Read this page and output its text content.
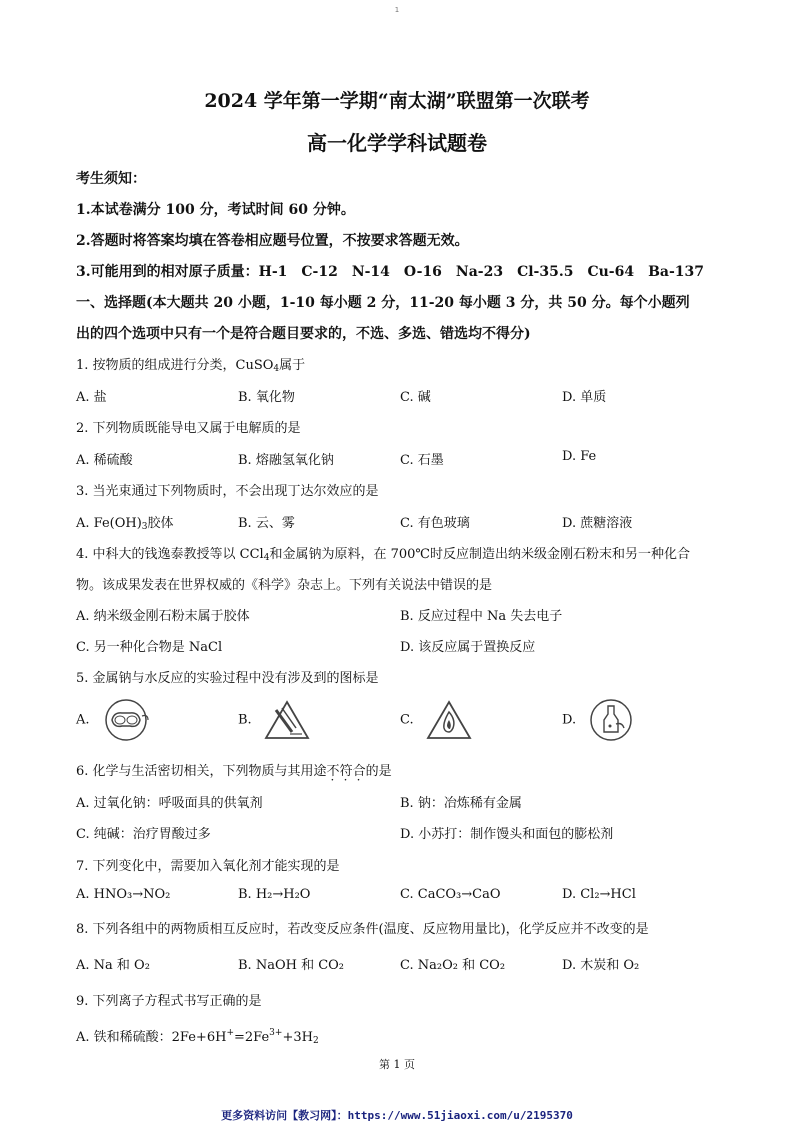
1
2024 学年第一学期“南太湖”联盟第一次联考
高一化学学科试题卷
考生须知：
1.本试卷满分 100 分，考试时间 60 分钟。
2.答题时将答案均填在答卷相应题号位置，不按要求答题无效。
3.可能用到的相对原子质量：H-1　C-12　N-14　O-16　Na-23　Cl-35.5　Cu-64　Ba-137
一、选择题(本大题共 20 小题，1-10 每小题 2 分，11-20 每小题 3 分，共 50 分。每个小题列
出的四个选项中只有一个是符合题目要求的，不选、多选、错选均不得分)
1. 按物质的组成进行分类，CuSO$_4$属于
A. 盐	B. 氧化物	C. 碱	D. 单质
2. 下列物质既能导电又属于电解质的是
A. 稀硫酸	B. 熔融氢氧化钠	C. 石墨	D. Fe
3. 当光束通过下列物质时，不会出现丁达尔效应的是
A. $Fe(OH)_3$胶体	B. 云、雾	C. 有色玻璃	D. 蔗糖溶液
4. 中科大的钱逸泰教授等以 CCl$_4$和金属钠为原料，在 700℃时反应制造出纳米级金刚石粉末和另一种化合
物。该成果发表在世界权威的《科学》杂志上。下列有关说法中错误的是
A. 纳米级金刚石粉末属于胶体	B. 反应过程中 Na 失去电子
C. 另一种化合物是 NaCl	D. 该反应属于置换反应
5. 金属钠与水反应的实验过程中没有涉及到的图标是
A.	B.	C.	D.
6. 化学与生活密切相关，下列物质与其用途不符合的是
A. 过氧化钠：呼吸面具的供氧剂	B. 钠：冶炼稀有金属
C. 纯碱：治疗胃酸过多	D. 小苏打：制作馒头和面包的膨松剂
7. 下列变化中，需要加入氧化剂才能实现的是
A. HNO₃→NO₂	B. H₂→H₂O	C. CaCO₃→CaO	D. Cl₂→HCl
8. 下列各组中的两物质相互反应时，若改变反应条件(温度、反应物用量比)，化学反应并不改变的是
A. Na 和 O₂	B. NaOH 和 CO₂	C. Na₂O₂ 和 CO₂	D. 木炭和 O₂
9. 下列离子方程式书写正确的是
A. 铁和稀硫酸：$2Fe+6H^+=2Fe^{3+}+3H_2$
第 1 页
更多资料访问【教习网】：https://www.51jiaoxi.com/u/2195370
